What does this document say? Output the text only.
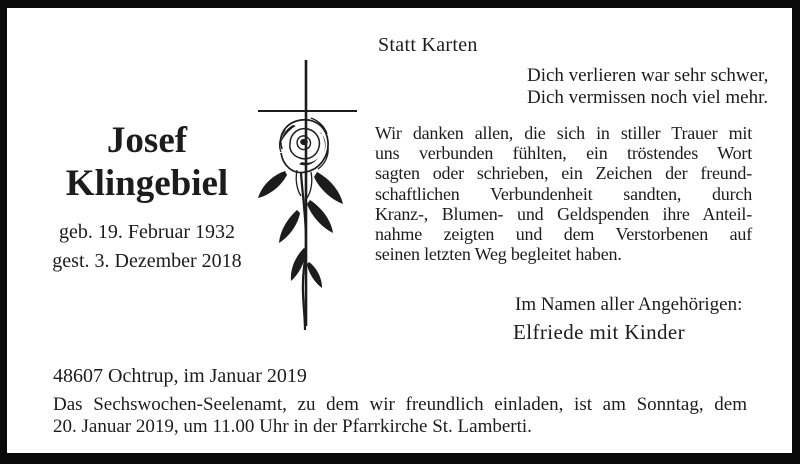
Statt Karten
Dich verlieren war sehr schwer,
Dich vermissen noch viel mehr.
Josef
Klingebiel
geb. 19. Februar 1932
gest. 3. Dezember 2018
Wir danken allen, die sich in stiller Trauer mit
uns verbunden fühlten, ein tröstendes Wort
sagten oder schrieben, ein Zeichen der freund-
schaftlichen Verbundenheit sandten, durch
Kranz-, Blumen- und Geldspenden ihre Anteil-
nahme zeigten und dem Verstorbenen auf
seinen letzten Weg begleitet haben.
Im Namen aller Angehörigen:
Elfriede mit Kinder
48607 Ochtrup, im Januar 2019
Das Sechswochen-Seelenamt, zu dem wir freundlich einladen, ist am Sonntag, dem
20. Januar 2019, um 11.00 Uhr in der Pfarrkirche St. Lamberti.
